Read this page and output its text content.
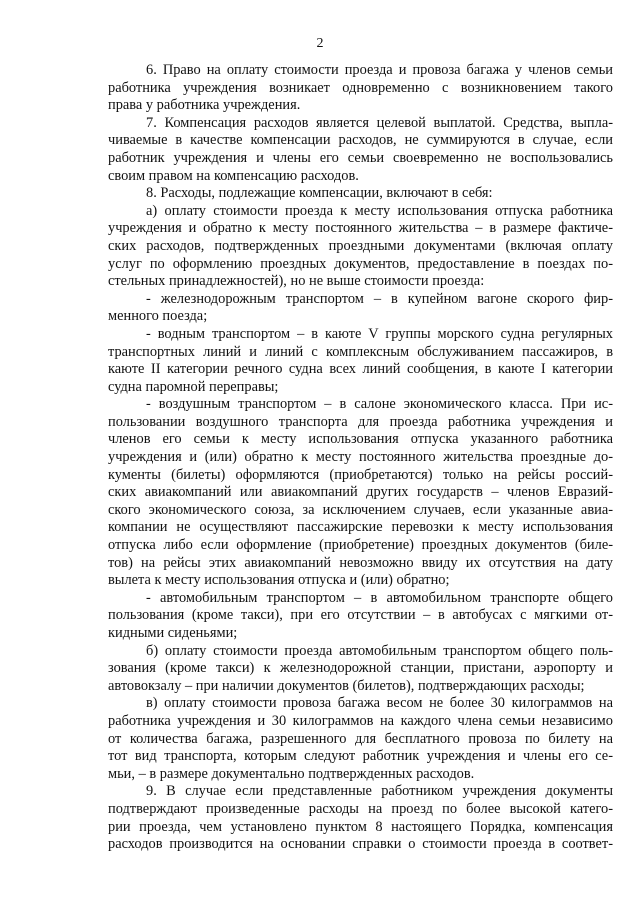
2
6. Право на оплату стоимости проезда и провоза багажа у членов семьи
работника учреждения возникает одновременно с возникновением такого
права у работника учреждения.
7. Компенсация расходов является целевой выплатой. Средства, выпла-
чиваемые в качестве компенсации расходов, не суммируются в случае, если
работник учреждения и члены его семьи своевременно не воспользовались
своим правом на компенсацию расходов.
8. Расходы, подлежащие компенсации, включают в себя:
а) оплату стоимости проезда к месту использования отпуска работника
учреждения и обратно к месту постоянного жительства – в размере фактиче-
ских расходов, подтвержденных проездными документами (включая оплату
услуг по оформлению проездных документов, предоставление в поездах по-
стельных принадлежностей), но не выше стоимости проезда:
- железнодорожным транспортом – в купейном вагоне скорого фир-
менного поезда;
- водным транспортом – в каюте V группы морского судна регулярных
транспортных линий и линий с комплексным обслуживанием пассажиров, в
каюте II категории речного судна всех линий сообщения, в каюте I категории
судна паромной переправы;
- воздушным транспортом – в салоне экономического класса. При ис-
пользовании воздушного транспорта для проезда работника учреждения и
членов его семьи к месту использования отпуска указанного работника
учреждения и (или) обратно к месту постоянного жительства проездные до-
кументы (билеты) оформляются (приобретаются) только на рейсы россий-
ских авиакомпаний или авиакомпаний других государств – членов Евразий-
ского экономического союза, за исключением случаев, если указанные авиа-
компании не осуществляют пассажирские перевозки к месту использования
отпуска либо если оформление (приобретение) проездных документов (биле-
тов) на рейсы этих авиакомпаний невозможно ввиду их отсутствия на дату
вылета к месту использования отпуска и (или) обратно;
- автомобильным транспортом – в автомобильном транспорте общего
пользования (кроме такси), при его отсутствии – в автобусах с мягкими от-
кидными сиденьями;
б) оплату стоимости проезда автомобильным транспортом общего поль-
зования (кроме такси) к железнодорожной станции, пристани, аэропорту и
автовокзалу – при наличии документов (билетов), подтверждающих расходы;
в) оплату стоимости провоза багажа весом не более 30 килограммов на
работника учреждения и 30 килограммов на каждого члена семьи независимо
от количества багажа, разрешенного для бесплатного провоза по билету на
тот вид транспорта, которым следуют работник учреждения и члены его се-
мьи, – в размере документально подтвержденных расходов.
9. В случае если представленные работником учреждения документы
подтверждают произведенные расходы на проезд по более высокой катего-
рии проезда, чем установлено пунктом 8 настоящего Порядка, компенсация
расходов производится на основании справки о стоимости проезда в соответ-
